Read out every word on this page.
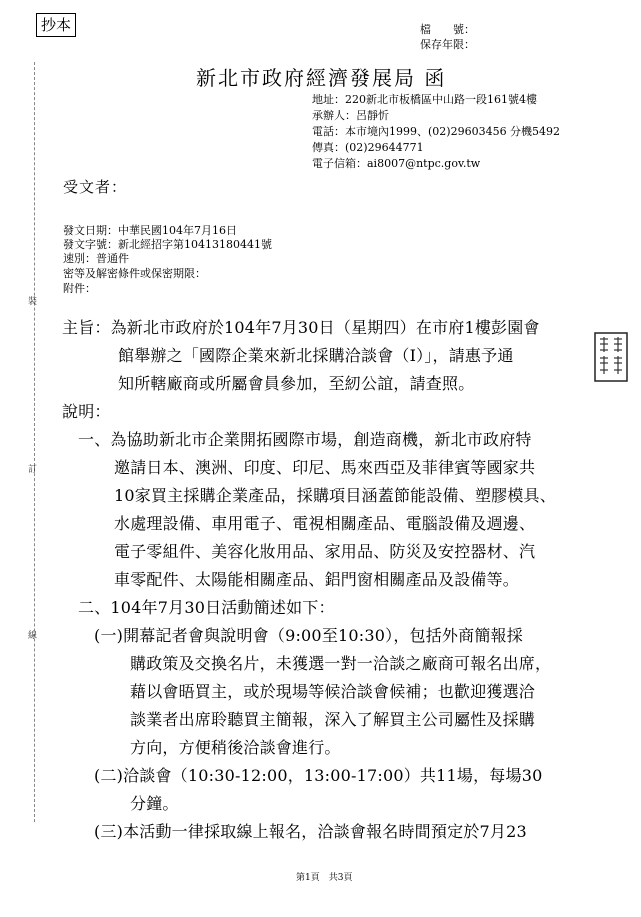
抄本	檔　　號：
保存年限：
新北市政府經濟發展局 函
地址：220新北市板橋區中山路一段161號4樓
承辦人：呂靜忻
電話：本市境內1999、(02)29603456 分機5492
傳真：(02)29644771
電子信箱：ai8007@ntpc.gov.tw
受文者：
發文日期：中華民國104年7月16日
發文字號：新北經招字第10413180441號
速別：普通件
密等及解密條件或保密期限：
附件：
裝
訂
線
主旨：為新北市政府於104年7月30日（星期四）在市府1樓彭園會
館舉辦之「國際企業來新北採購洽談會（I）」，請惠予通
知所轄廠商或所屬會員參加，至紉公誼，請查照。
說明：
一、為協助新北市企業開拓國際市場，創造商機，新北市政府特
邀請日本、澳洲、印度、印尼、馬來西亞及菲律賓等國家共
10家買主採購企業產品，採購項目涵蓋節能設備、塑膠模具、
水處理設備、車用電子、電視相關產品、電腦設備及週邊、
電子零組件、美容化妝用品、家用品、防災及安控器材、汽
車零配件、太陽能相關產品、鋁門窗相關產品及設備等。
二、104年7月30日活動簡述如下：
(一)開幕記者會與說明會（9:00至10:30），包括外商簡報採
購政策及交換名片，未獲選一對一洽談之廠商可報名出席，
藉以會晤買主，或於現場等候洽談會候補；也歡迎獲選洽
談業者出席聆聽買主簡報，深入了解買主公司屬性及採購
方向，方便稍後洽談會進行。
(二)洽談會（10:30-12:00，13:00-17:00）共11場，每場30
分鐘。
(三)本活動一律採取線上報名，洽談會報名時間預定於7月23
第1頁　共3頁
